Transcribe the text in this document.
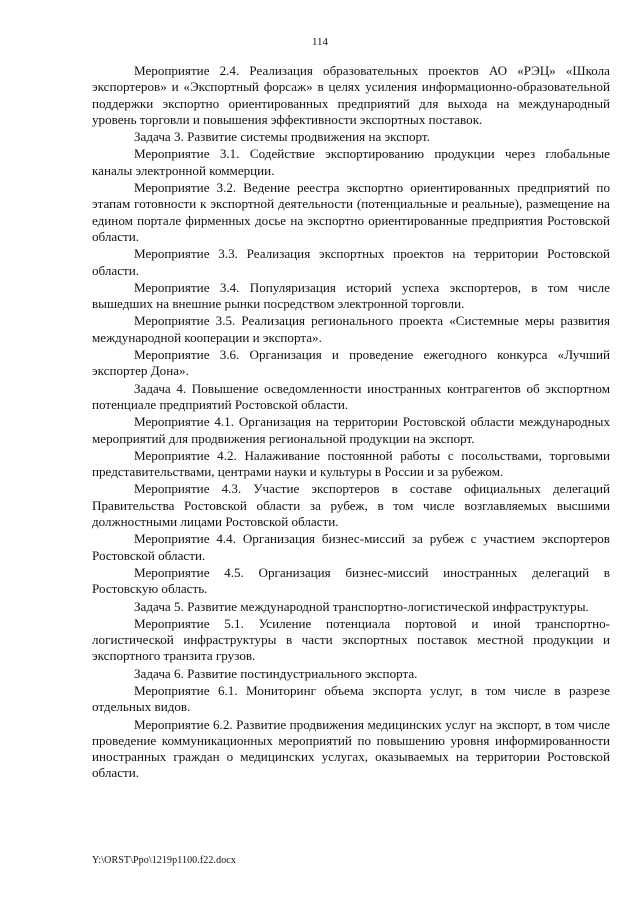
114

Мероприятие 2.4. Реализация образовательных проектов АО «РЭЦ» «Школа экспортеров» и «Экспортный форсаж» в целях усиления информационно-образовательной поддержки экспортно ориентированных предприятий для выхода на международный уровень торговли и повышения эффективности экспортных поставок.

Задача 3. Развитие системы продвижения на экспорт.

Мероприятие 3.1. Содействие экспортированию продукции через глобальные каналы электронной коммерции.

Мероприятие 3.2. Ведение реестра экспортно ориентированных предприятий по этапам готовности к экспортной деятельности (потенциальные и реальные), размещение на едином портале фирменных досье на экспортно ориентированные предприятия Ростовской области.

Мероприятие 3.3. Реализация экспортных проектов на территории Ростовской области.

Мероприятие 3.4. Популяризация историй успеха экспортеров, в том числе вышедших на внешние рынки посредством электронной торговли.

Мероприятие 3.5. Реализация регионального проекта «Системные меры развития международной кооперации и экспорта».

Мероприятие 3.6. Организация и проведение ежегодного конкурса «Лучший экспортер Дона».

Задача 4. Повышение осведомленности иностранных контрагентов об экспортном потенциале предприятий Ростовской области.

Мероприятие 4.1. Организация на территории Ростовской области международных мероприятий для продвижения региональной продукции на экспорт.

Мероприятие 4.2. Налаживание постоянной работы с посольствами, торговыми представительствами, центрами науки и культуры в России и за рубежом.

Мероприятие 4.3. Участие экспортеров в составе официальных делегаций Правительства Ростовской области за рубеж, в том числе возглавляемых высшими должностными лицами Ростовской области.

Мероприятие 4.4. Организация бизнес-миссий за рубеж с участием экспортеров Ростовской области.

Мероприятие 4.5. Организация бизнес-миссий иностранных делегаций в Ростовскую область.

Задача 5. Развитие международной транспортно-логистической инфраструктуры.

Мероприятие 5.1. Усиление потенциала портовой и иной транспортно-логистической инфраструктуры в части экспортных поставок местной продукции и экспортного транзита грузов.

Задача 6. Развитие постиндустриального экспорта.

Мероприятие 6.1. Мониторинг объема экспорта услуг, в том числе в разрезе отдельных видов.

Мероприятие 6.2. Развитие продвижения медицинских услуг на экспорт, в том числе проведение коммуникационных мероприятий по повышению уровня информированности иностранных граждан о медицинских услугах, оказываемых на территории Ростовской области.

Y:\ORST\Ppo\1219p1100.f22.docx
